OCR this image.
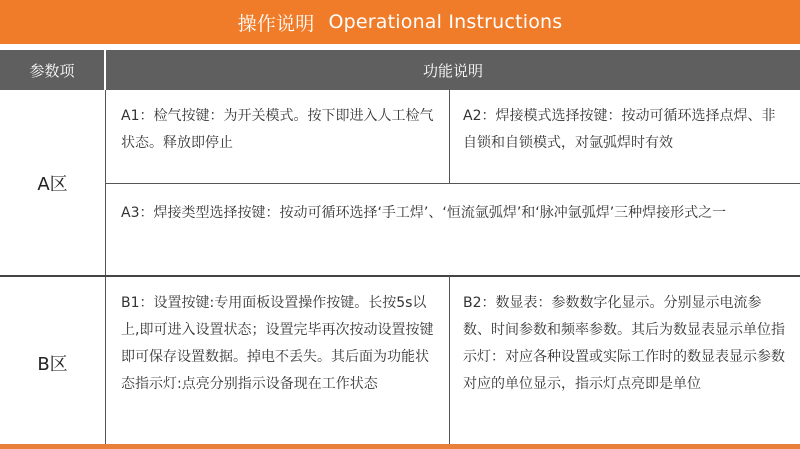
操作说明 Operational Instructions
参数项	功能说明
A区
B区
A1：检气按键：为开关模式。按下即进入人工检气状态。释放即停止
A2：焊接模式选择按键：按动可循环选择点焊、非自锁和自锁模式，对氩弧焊时有效
A3：焊接类型选择按键：按动可循环选择‘手工焊’、‘恒流氩弧焊’和‘脉冲氩弧焊’三种焊接形式之一
B1：设置按键:专用面板设置操作按键。长按5s以上,即可进入设置状态；设置完毕再次按动设置按键即可保存设置数据。掉电不丢失。其后面为功能状态指示灯:点亮分别指示设备现在工作状态
B2：数显表：参数数字化显示。分别显示电流参数、时间参数和频率参数。其后为数显表显示单位指示灯：对应各种设置或实际工作时的数显表显示参数对应的单位显示，指示灯点亮即是单位
